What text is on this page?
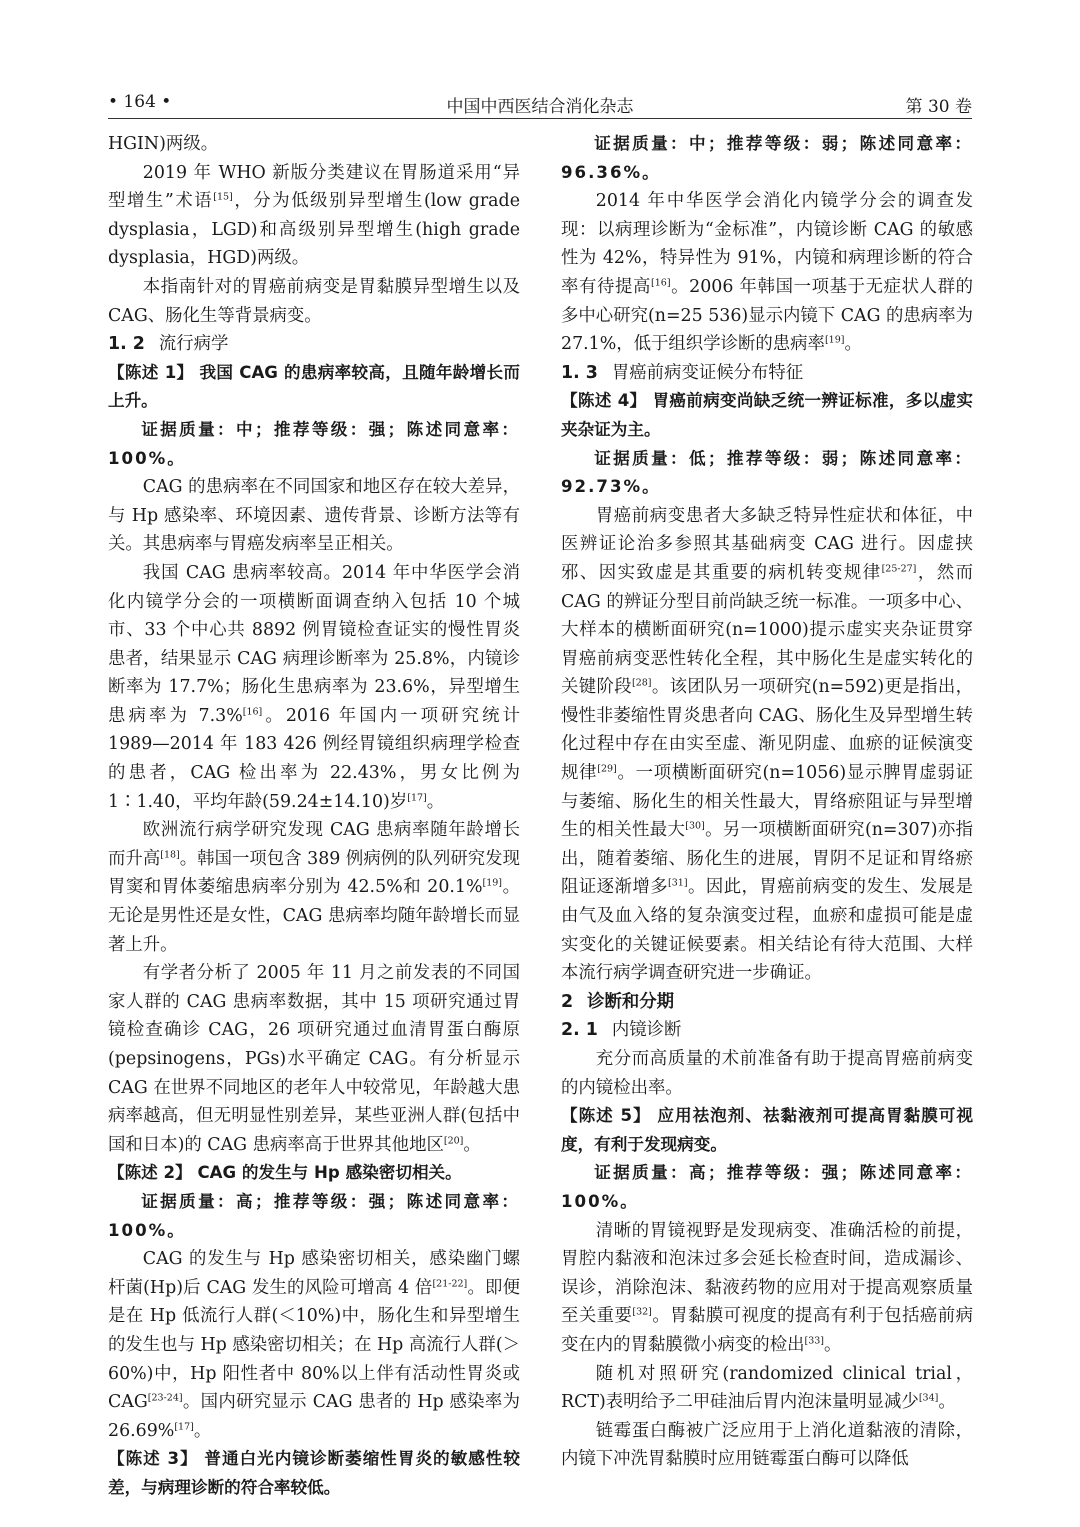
• 164 •	中国中西医结合消化杂志	第 30 卷

HGIN)两级。

2019 年 WHO 新版分类建议在胃肠道采用“异型增生”术语[15]，分为低级别异型增生(low grade dysplasia，LGD)和高级别异型增生(high grade dysplasia，HGD)两级。

本指南针对的胃癌前病变是胃黏膜异型增生以及 CAG、肠化生等背景病变。

1. 2 流行病学

【陈述 1】 我国 CAG 的患病率较高，且随年龄增长而上升。

证据质量：中；推荐等级：强；陈述同意率：100%。

CAG 的患病率在不同国家和地区存在较大差异，与 Hp 感染率、环境因素、遗传背景、诊断方法等有关。其患病率与胃癌发病率呈正相关。

我国 CAG 患病率较高。2014 年中华医学会消化内镜学分会的一项横断面调查纳入包括 10 个城市、33 个中心共 8892 例胃镜检查证实的慢性胃炎患者，结果显示 CAG 病理诊断率为 25.8%，内镜诊断率为 17.7%；肠化生患病率为 23.6%，异型增生患病率为 7.3%[16]。2016 年国内一项研究统计 1989—2014 年 183 426 例经胃镜组织病理学检查的患者，CAG 检出率为 22.43%，男女比例为 1∶1.40，平均年龄(59.24±14.10)岁[17]。

欧洲流行病学研究发现 CAG 患病率随年龄增长而升高[18]。韩国一项包含 389 例病例的队列研究发现胃窦和胃体萎缩患病率分别为 42.5%和 20.1%[19]。无论是男性还是女性，CAG 患病率均随年龄增长而显著上升。

有学者分析了 2005 年 11 月之前发表的不同国家人群的 CAG 患病率数据，其中 15 项研究通过胃镜检查确诊 CAG，26 项研究通过血清胃蛋白酶原(pepsinogens，PGs)水平确定 CAG。有分析显示 CAG 在世界不同地区的老年人中较常见，年龄越大患病率越高，但无明显性别差异，某些亚洲人群(包括中国和日本)的 CAG 患病率高于世界其他地区[20]。

【陈述 2】 CAG 的发生与 Hp 感染密切相关。

证据质量：高；推荐等级：强；陈述同意率：100%。

CAG 的发生与 Hp 感染密切相关，感染幽门螺杆菌(Hp)后 CAG 发生的风险可增高 4 倍[21-22]。即便是在 Hp 低流行人群(＜10%)中，肠化生和异型增生的发生也与 Hp 感染密切相关；在 Hp 高流行人群(＞60%)中，Hp 阳性者中 80%以上伴有活动性胃炎或 CAG[23-24]。国内研究显示 CAG 患者的 Hp 感染率为 26.69%[17]。

【陈述 3】 普通白光内镜诊断萎缩性胃炎的敏感性较差，与病理诊断的符合率较低。

证据质量：中；推荐等级：弱；陈述同意率：96.36%。

2014 年中华医学会消化内镜学分会的调查发现：以病理诊断为“金标准”，内镜诊断 CAG 的敏感性为 42%，特异性为 91%，内镜和病理诊断的符合率有待提高[16]。2006 年韩国一项基于无症状人群的多中心研究(n=25 536)显示内镜下 CAG 的患病率为 27.1%，低于组织学诊断的患病率[19]。

1. 3 胃癌前病变证候分布特征

【陈述 4】 胃癌前病变尚缺乏统一辨证标准，多以虚实夹杂证为主。

证据质量：低；推荐等级：弱；陈述同意率：92.73%。

胃癌前病变患者大多缺乏特异性症状和体征，中医辨证论治多参照其基础病变 CAG 进行。因虚挟邪、因实致虚是其重要的病机转变规律[25-27]，然而 CAG 的辨证分型目前尚缺乏统一标准。一项多中心、大样本的横断面研究(n=1000)提示虚实夹杂证贯穿胃癌前病变恶性转化全程，其中肠化生是虚实转化的关键阶段[28]。该团队另一项研究(n=592)更是指出，慢性非萎缩性胃炎患者向 CAG、肠化生及异型增生转化过程中存在由实至虚、渐见阴虚、血瘀的证候演变规律[29]。一项横断面研究(n=1056)显示脾胃虚弱证与萎缩、肠化生的相关性最大，胃络瘀阻证与异型增生的相关性最大[30]。另一项横断面研究(n=307)亦指出，随着萎缩、肠化生的进展，胃阴不足证和胃络瘀阻证逐渐增多[31]。因此，胃癌前病变的发生、发展是由气及血入络的复杂演变过程，血瘀和虚损可能是虚实变化的关键证候要素。相关结论有待大范围、大样本流行病学调查研究进一步确证。

2 诊断和分期

2. 1 内镜诊断

充分而高质量的术前准备有助于提高胃癌前病变的内镜检出率。

【陈述 5】 应用祛泡剂、祛黏液剂可提高胃黏膜可视度，有利于发现病变。

证据质量：高；推荐等级：强；陈述同意率：100%。

清晰的胃镜视野是发现病变、准确活检的前提，胃腔内黏液和泡沫过多会延长检查时间，造成漏诊、误诊，消除泡沫、黏液药物的应用对于提高观察质量至关重要[32]。胃黏膜可视度的提高有利于包括癌前病变在内的胃黏膜微小病变的检出[33]。

随机对照研究(randomized clinical trial，RCT)表明给予二甲硅油后胃内泡沫量明显减少[34]。

链霉蛋白酶被广泛应用于上消化道黏液的清除，内镜下冲洗胃黏膜时应用链霉蛋白酶可以降低
